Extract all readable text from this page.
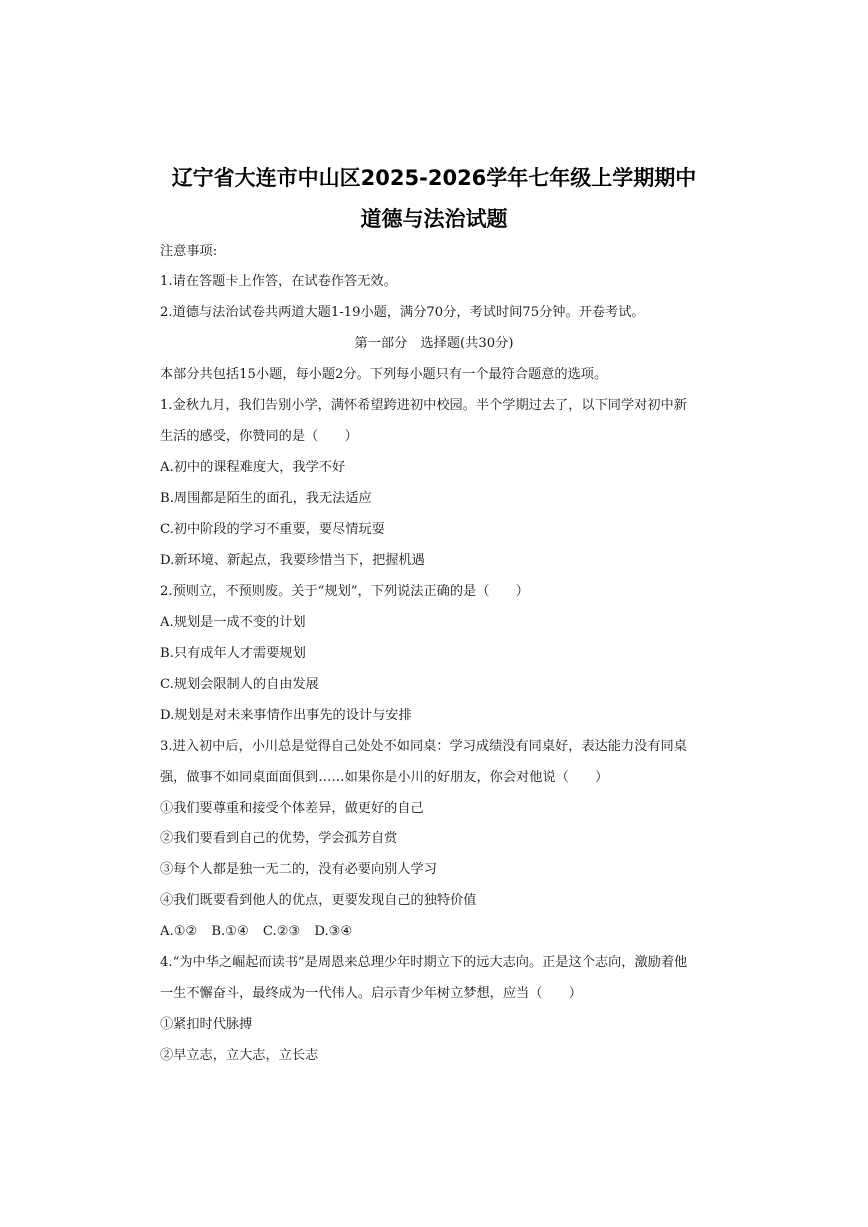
辽宁省大连市中山区2025-2026学年七年级上学期期中
道德与法治试题
注意事项:
1.请在答题卡上作答，在试卷作答无效。
2.道德与法治试卷共两道大题1-19小题，满分70分，考试时间75分钟。开卷考试。
第一部分　选择题(共30分)
本部分共包括15小题，每小题2分。下列每小题只有一个最符合题意的选项。
1.金秋九月，我们告别小学，满怀希望跨进初中校园。半个学期过去了，以下同学对初中新
生活的感受，你赞同的是（　　）
A.初中的课程难度大，我学不好
B.周围都是陌生的面孔，我无法适应
C.初中阶段的学习不重要，要尽情玩耍
D.新环境、新起点，我要珍惜当下，把握机遇
2.预则立，不预则废。关于“规划”，下列说法正确的是（　　）
A.规划是一成不变的计划
B.只有成年人才需要规划
C.规划会限制人的自由发展
D.规划是对未来事情作出事先的设计与安排
3.进入初中后，小川总是觉得自己处处不如同桌：学习成绩没有同桌好，表达能力没有同桌
强，做事不如同桌面面俱到……如果你是小川的好朋友，你会对他说（　　）
①我们要尊重和接受个体差异，做更好的自己
②我们要看到自己的优势，学会孤芳自赏
③每个人都是独一无二的，没有必要向别人学习
④我们既要看到他人的优点，更要发现自己的独特价值
A.①② B.①④ C.②③ D.③④
4.“为中华之崛起而读书”是周恩来总理少年时期立下的远大志向。正是这个志向，激励着他
一生不懈奋斗，最终成为一代伟人。启示青少年树立梦想，应当（　　）
①紧扣时代脉搏
②早立志，立大志，立长志
